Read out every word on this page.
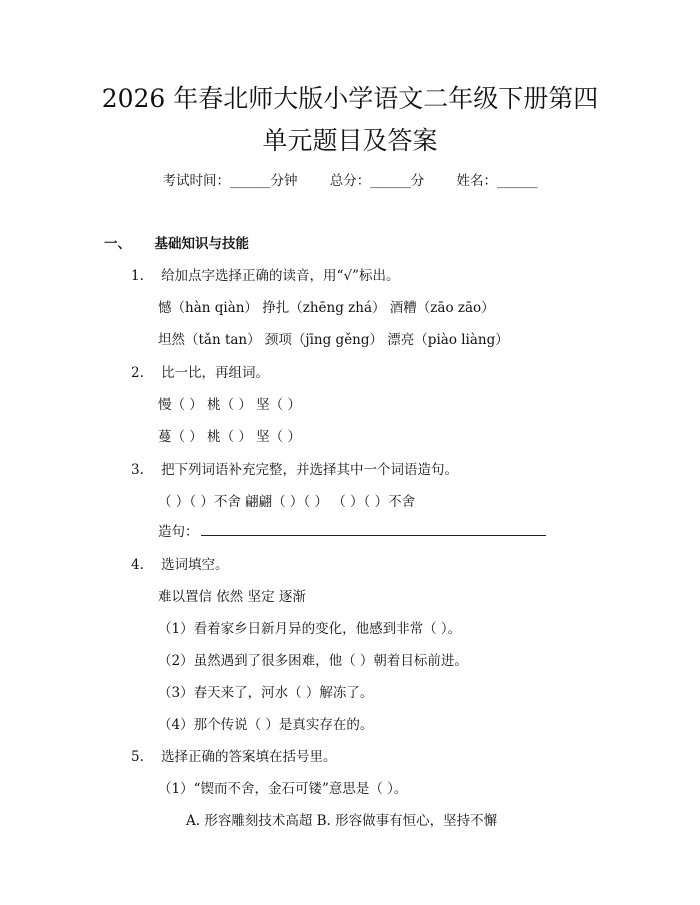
2026 年春北师大版小学语文二年级下册第四
单元题目及答案
考试时间：______分钟 总分：______分 姓名：______
一、 基础知识与技能
1. 给加点字选择正确的读音，用“√”标出。
憾（hàn qiàn） 挣扎（zhēng zhá） 酒糟（zāo zāo）
坦然（tǎn tan） 颈项（jīng gěng） 漂亮（piào liàng）
2. 比一比，再组词。
慢（ ） 桃（ ） 坚（ ）
蔓（ ） 桃（ ） 坚（ ）
3. 把下列词语补充完整，并选择其中一个词语造句。
（ ）（ ）不舍 翩翩（ ）（ ） （ ）（ ）不舍
造句：
4. 选词填空。
难以置信 依然 坚定 逐渐
（1）看着家乡日新月异的变化，他感到非常（ ）。
（2）虽然遇到了很多困难，他（ ）朝着目标前进。
（3）春天来了，河水（ ）解冻了。
（4）那个传说（ ）是真实存在的。
5. 选择正确的答案填在括号里。
（1）“锲而不舍，金石可镂”意思是（ ）。
A. 形容雕刻技术高超 B. 形容做事有恒心，坚持不懈
